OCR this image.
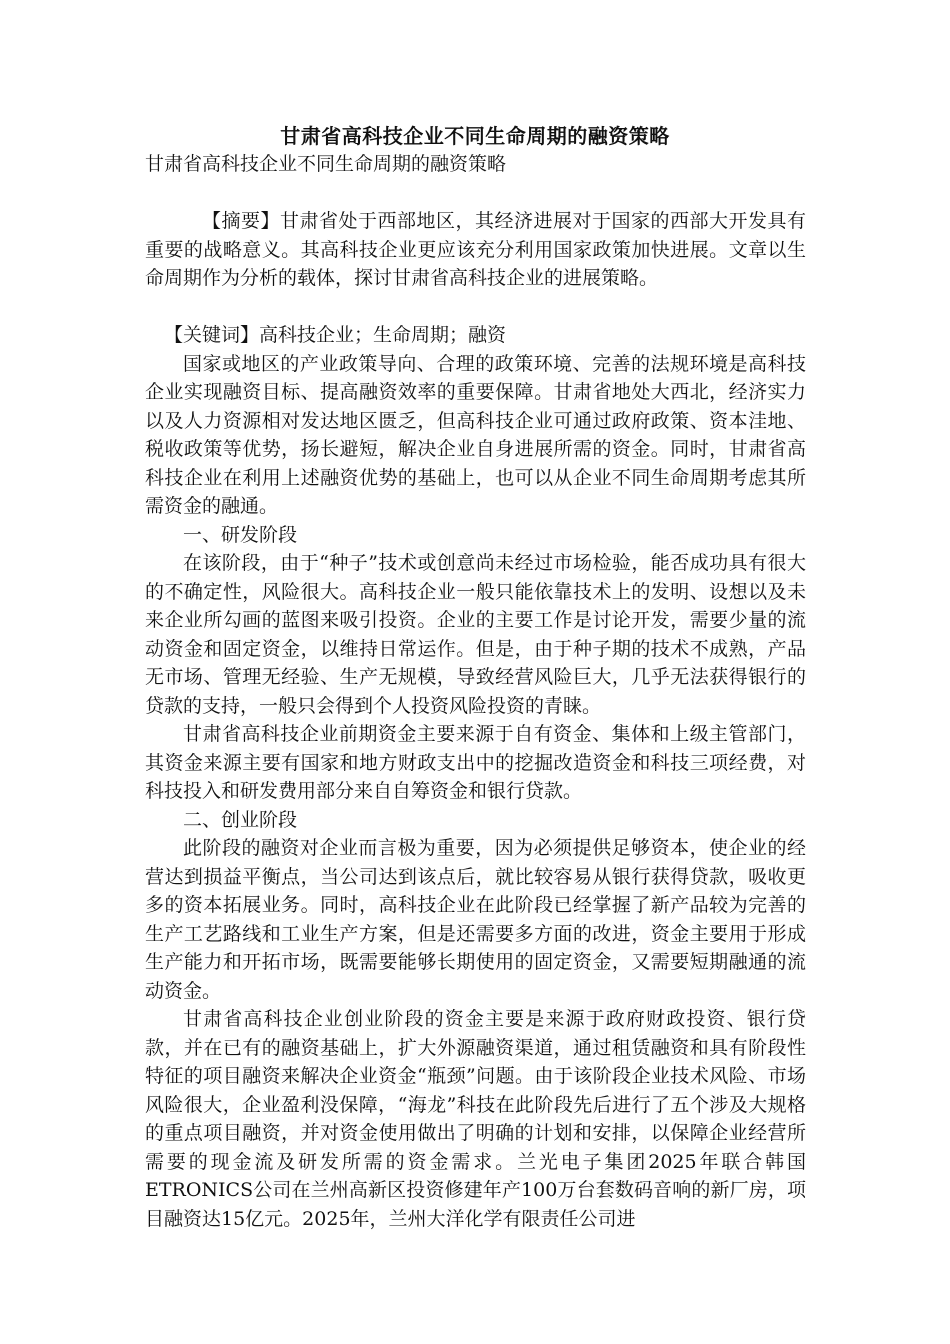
甘肃省高科技企业不同生命周期的融资策略

甘肃省高科技企业不同生命周期的融资策略

【摘要】甘肃省处于西部地区，其经济进展对于国家的西部大开发具有重要的战略意义。其高科技企业更应该充分利用国家政策加快进展。文章以生命周期作为分析的载体，探讨甘肃省高科技企业的进展策略。

【关键词】高科技企业；生命周期；融资

国家或地区的产业政策导向、合理的政策环境、完善的法规环境是高科技企业实现融资目标、提高融资效率的重要保障。甘肃省地处大西北，经济实力以及人力资源相对发达地区匮乏，但高科技企业可通过政府政策、资本洼地、税收政策等优势，扬长避短，解决企业自身进展所需的资金。同时，甘肃省高科技企业在利用上述融资优势的基础上，也可以从企业不同生命周期考虑其所需资金的融通。

一、研发阶段

在该阶段，由于“种子”技术或创意尚未经过市场检验，能否成功具有很大的不确定性，风险很大。高科技企业一般只能依靠技术上的发明、设想以及未来企业所勾画的蓝图来吸引投资。企业的主要工作是讨论开发，需要少量的流动资金和固定资金，以维持日常运作。但是，由于种子期的技术不成熟，产品无市场、管理无经验、生产无规模，导致经营风险巨大，几乎无法获得银行的贷款的支持，一般只会得到个人投资风险投资的青睐。

甘肃省高科技企业前期资金主要来源于自有资金、集体和上级主管部门，其资金来源主要有国家和地方财政支出中的挖掘改造资金和科技三项经费，对科技投入和研发费用部分来自自筹资金和银行贷款。

二、创业阶段

此阶段的融资对企业而言极为重要，因为必须提供足够资本，使企业的经营达到损益平衡点，当公司达到该点后，就比较容易从银行获得贷款，吸收更多的资本拓展业务。同时，高科技企业在此阶段已经掌握了新产品较为完善的生产工艺路线和工业生产方案，但是还需要多方面的改进，资金主要用于形成生产能力和开拓市场，既需要能够长期使用的固定资金，又需要短期融通的流动资金。

甘肃省高科技企业创业阶段的资金主要是来源于政府财政投资、银行贷款，并在已有的融资基础上，扩大外源融资渠道，通过租赁融资和具有阶段性特征的项目融资来解决企业资金“瓶颈”问题。由于该阶段企业技术风险、市场风险很大，企业盈利没保障，“海龙”科技在此阶段先后进行了五个涉及大规格的重点项目融资，并对资金使用做出了明确的计划和安排，以保障企业经营所需要的现金流及研发所需的资金需求。兰光电子集团2025年联合韩国ETRONICS公司在兰州高新区投资修建年产100万台套数码音响的新厂房，项目融资达15亿元。2025年，兰州大洋化学有限责任公司进
